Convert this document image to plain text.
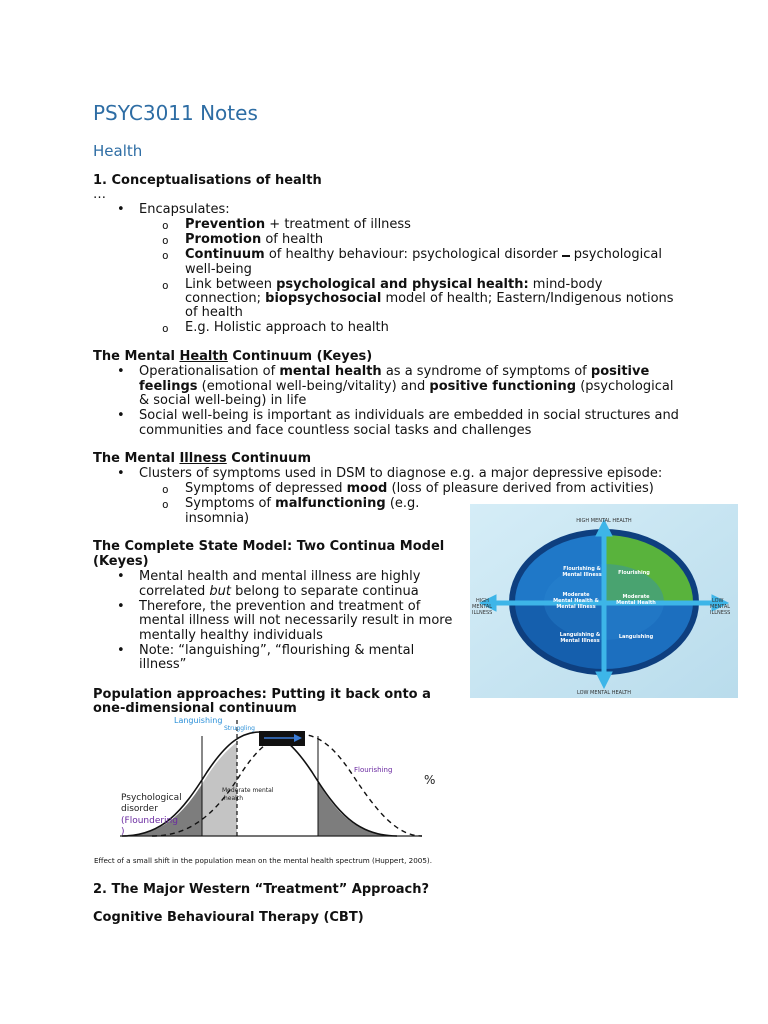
PSYC3011 Notes
Health
1. Conceptualisations of health
…
• Encapsulates:
o Prevention + treatment of illness
o Promotion of health
o Continuum of healthy behaviour: psychological disorder psychological
well-being
o Link between psychological and physical health: mind-body
connection; biopsychosocial model of health; Eastern/Indigenous notions
of health
o E.g. Holistic approach to health
The Mental Health Continuum (Keyes)
• Operationalisation of mental health as a syndrome of symptoms of positive
feelings (emotional well-being/vitality) and positive functioning (psychological
& social well-being) in life
• Social well-being is important as individuals are embedded in social structures and
communities and face countless social tasks and challenges
The Mental Illness Continuum
• Clusters of symptoms used in DSM to diagnose e.g. a major depressive episode:
o Symptoms of depressed mood (loss of pleasure derived from activities)
o Symptoms of malfunctioning (e.g.
insomnia)
The Complete State Model: Two Continua Model
(Keyes)
• Mental health and mental illness are highly
correlated but belong to separate continua
• Therefore, the prevention and treatment of
mental illness will not necessarily result in more
mentally healthy individuals
• Note: “languishing”, “flourishing & mental
illness”
HIGH MENTAL HEALTH
LOW MENTAL HEALTH
HIGH
MENTAL
ILLNESS
LOW
MENTAL
ILLNESS
Flourishing &
Mental Illness	Flourishing
Moderate
Mental Health &
Mental Illness
Moderate
Mental Health
Languishing &
Mental Illness
Languishing
Population approaches: Putting it back onto a
one-dimensional continuum
Languishing
Struggling
Flourishing
%
Moderate mental
health
Psychological
disorder
(Floundering
)
Effect of a small shift in the population mean on the mental health spectrum (Huppert, 2005).
2. The Major Western “Treatment” Approach?
Cognitive Behavioural Therapy (CBT)
